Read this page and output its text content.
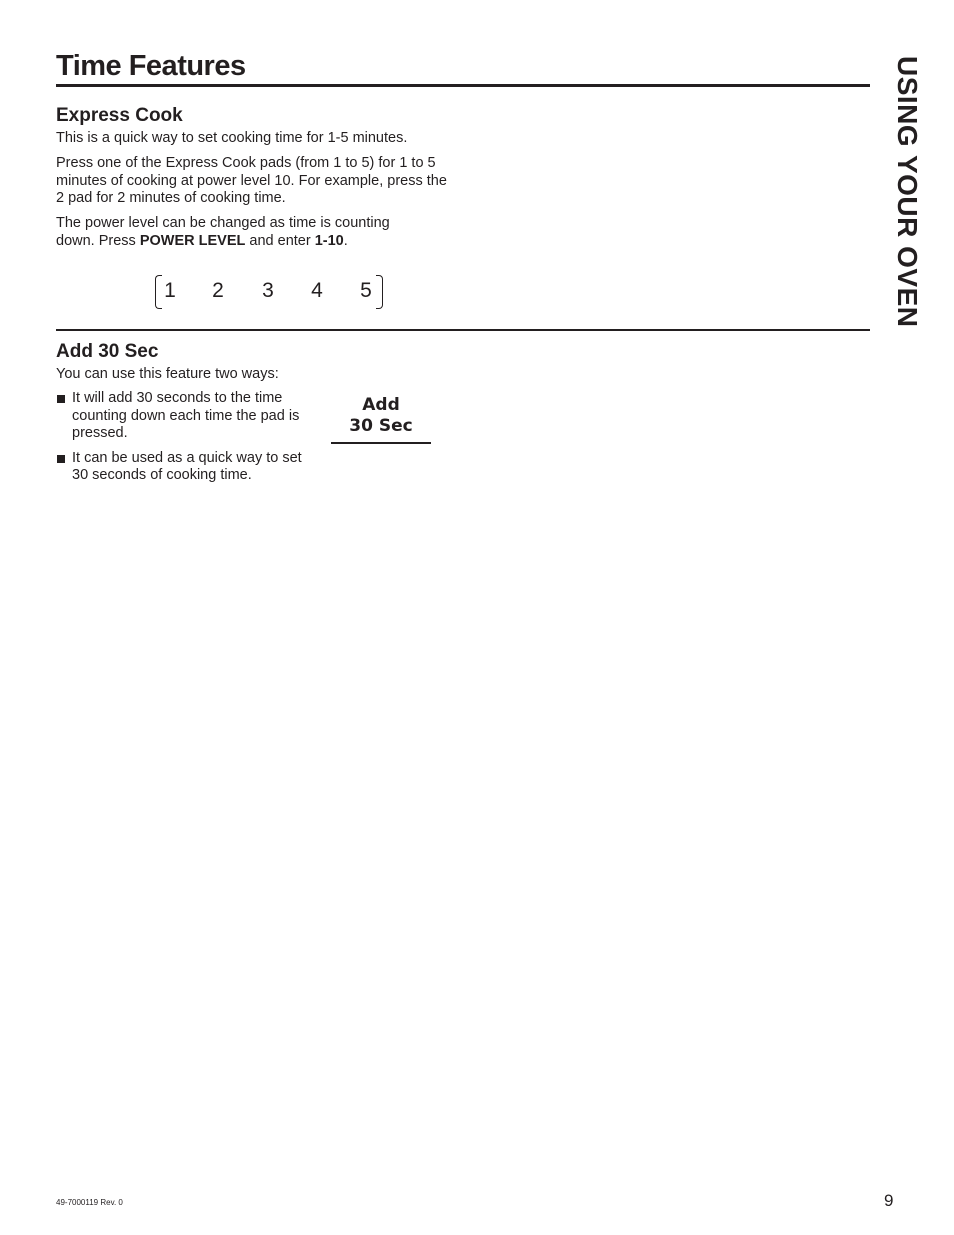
Time Features	USING YOUR OVEN
Express Cook

This is a quick way to set cooking time for 1-5 minutes.

Press one of the Express Cook pads (from 1 to 5) for 1 to 5 minutes of cooking at power level 10. For example, press the 2 pad for 2 minutes of cooking time.

The power level can be changed as time is counting down. Press POWER LEVEL and enter 1-10.

1 2 3 4 5
Add 30 Sec

You can use this feature two ways:

It will add 30 seconds to the time counting down each time the pad is pressed.
It can be used as a quick way to set 30 seconds of cooking time.
Add
30 Sec
49-7000119 Rev. 0	9
